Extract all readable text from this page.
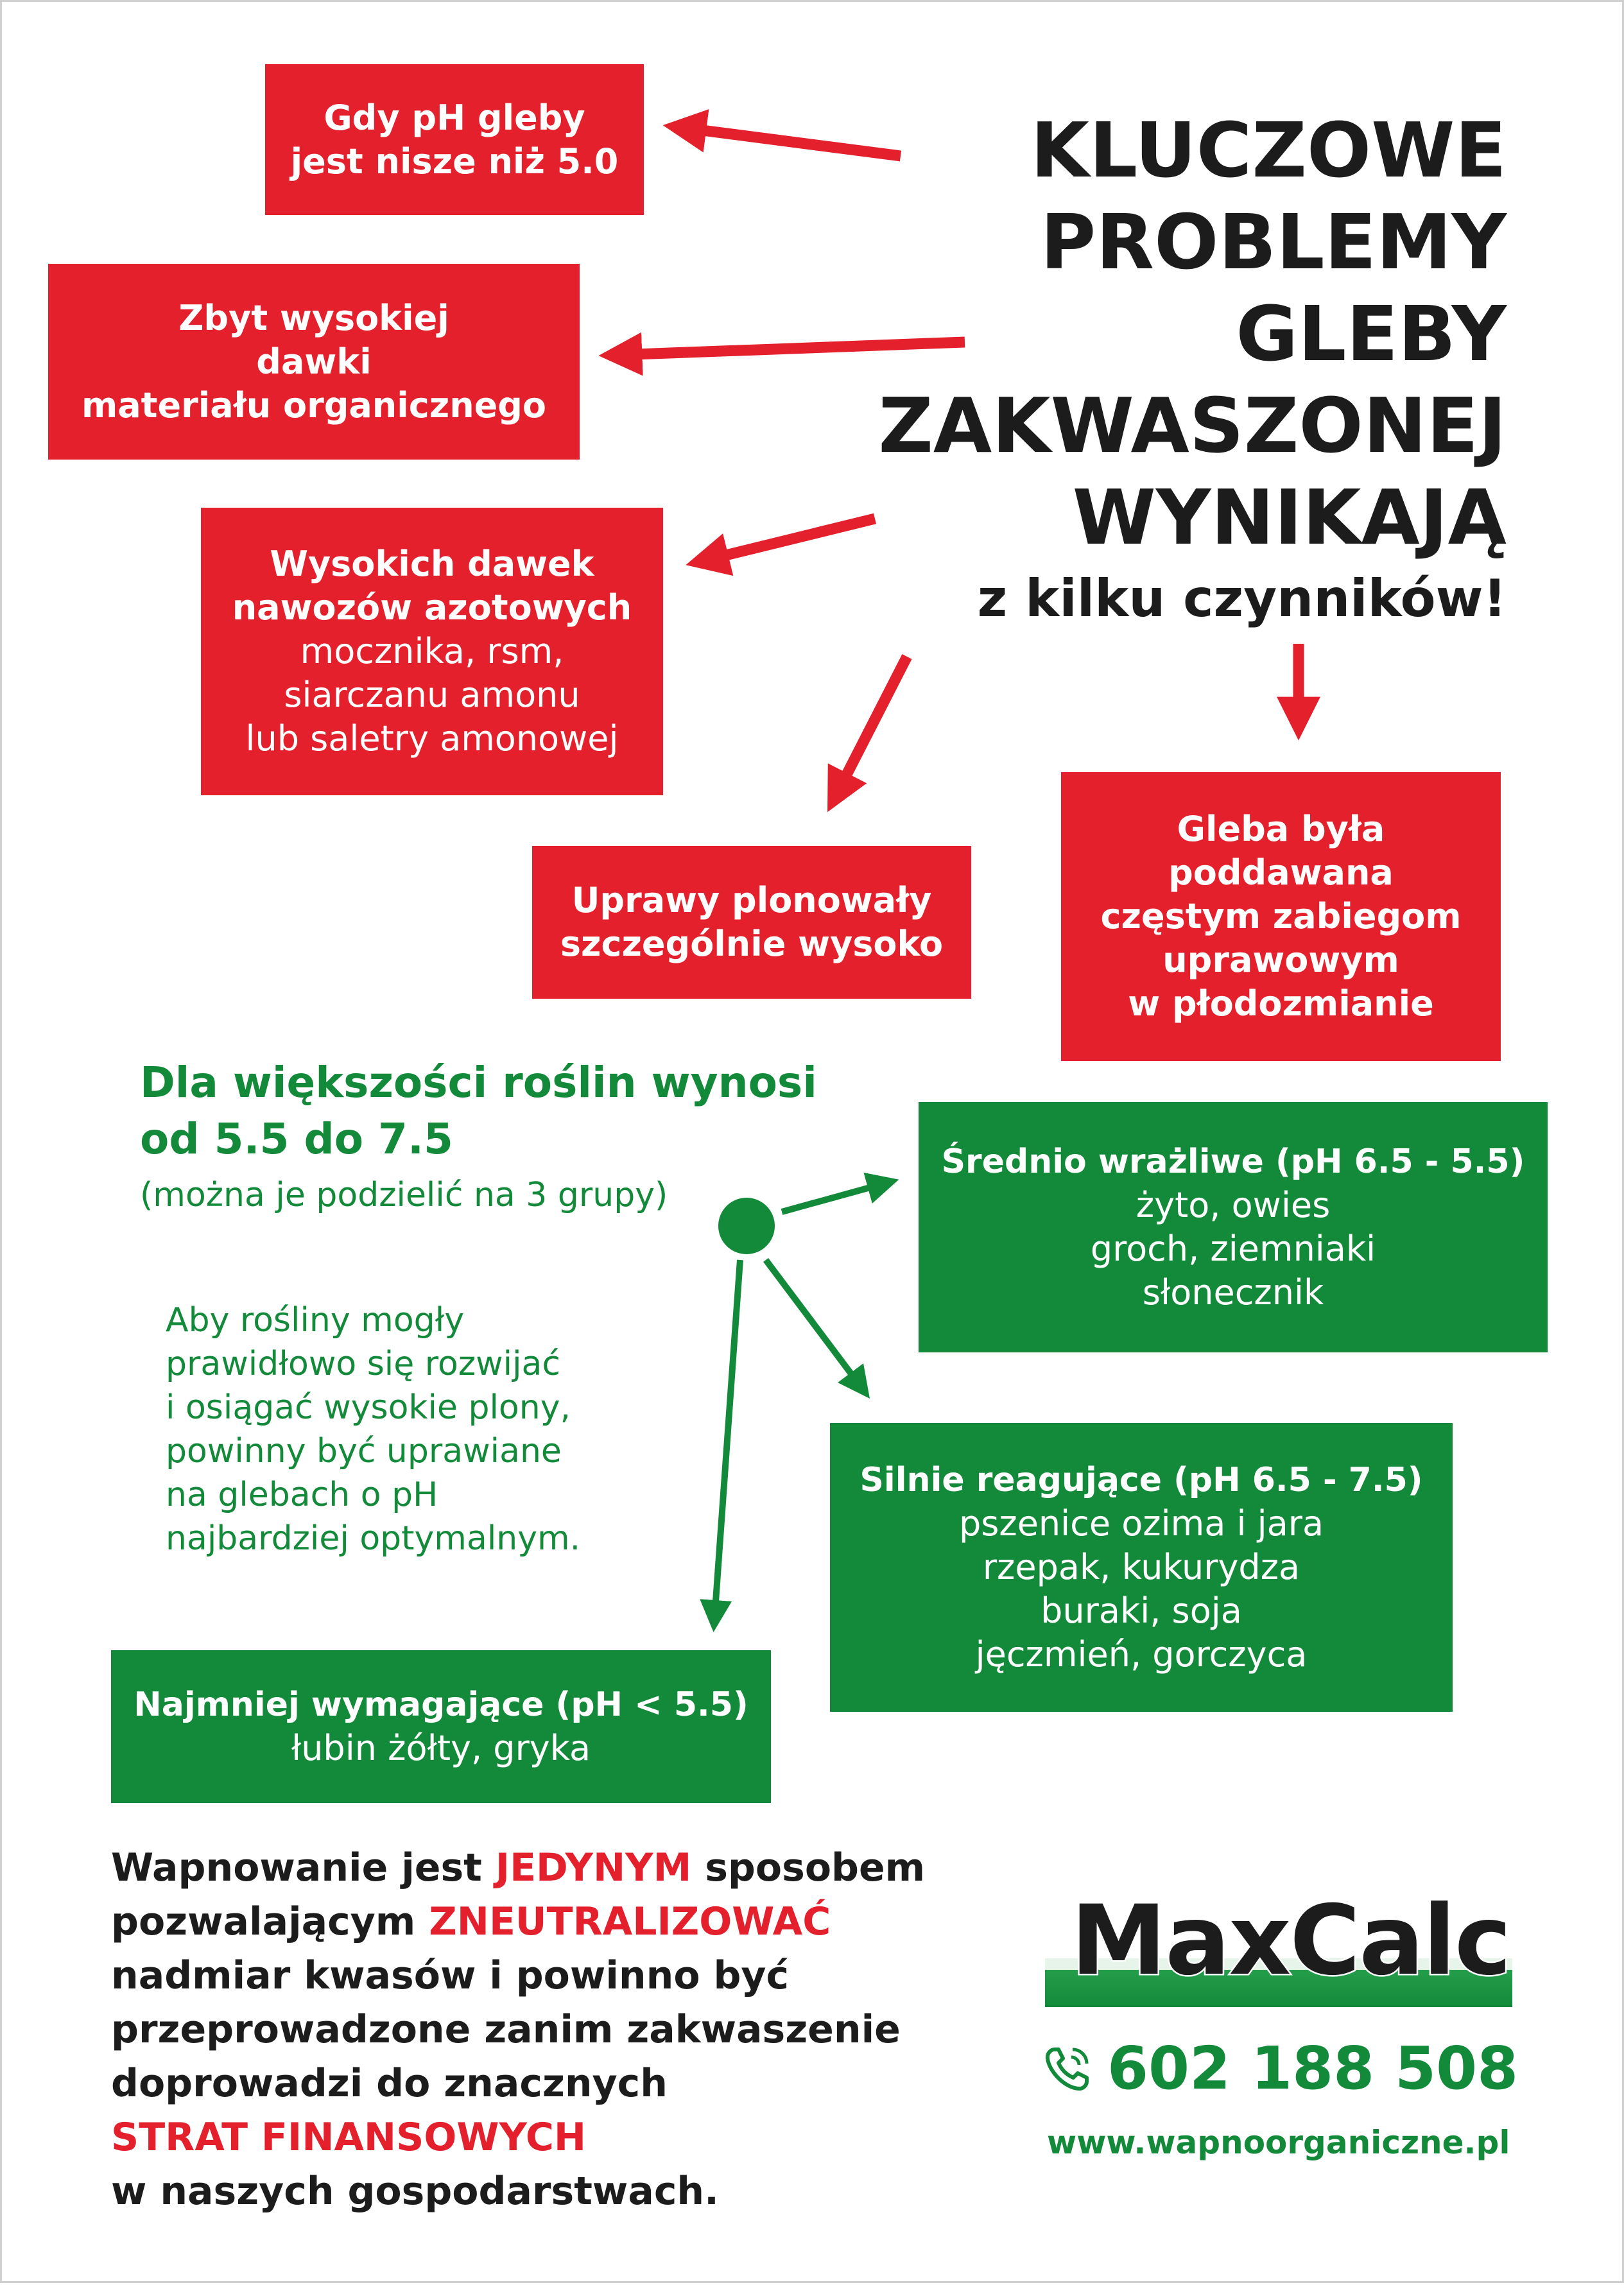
KLUCZOWE
PROBLEMY
GLEBY
ZAKWASZONEJ
WYNIKAJĄ
z kilku czynników!
Gdy pH gleby
jest nisze niż 5.0
Zbyt wysokiej
dawki
materiału organicznego
Wysokich dawek
nawozów azotowych
mocznika, rsm,
siarczanu amonu
lub saletry amonowej
Uprawy plonowały
szczególnie wysoko
Gleba była
poddawana
częstym zabiegom
uprawowym
w płodozmianie
Dla większości roślin wynosi
od 5.5 do 7.5
(można je podzielić na 3 grupy)
Aby rośliny mogły
prawidłowo się rozwijać
i osiągać wysokie plony,
powinny być uprawiane
na glebach o pH
najbardziej optymalnym.
Średnio wrażliwe (pH 6.5 - 5.5)
żyto, owies
groch, ziemniaki
słonecznik
Silnie reagujące (pH 6.5 - 7.5)
pszenice ozima i jara
rzepak, kukurydza
buraki, soja
jęczmień, gorczyca
Najmniej wymagające (pH < 5.5)
łubin żółty, gryka
Wapnowanie jest JEDYNYM sposobem
pozwalającym ZNEUTRALIZOWAĆ
nadmiar kwasów i powinno być
przeprowadzone zanim zakwaszenie
doprowadzi do znacznych
STRAT FINANSOWYCH
w naszych gospodarstwach.
MaxCalc
602 188 508
www.wapnoorganiczne.pl
